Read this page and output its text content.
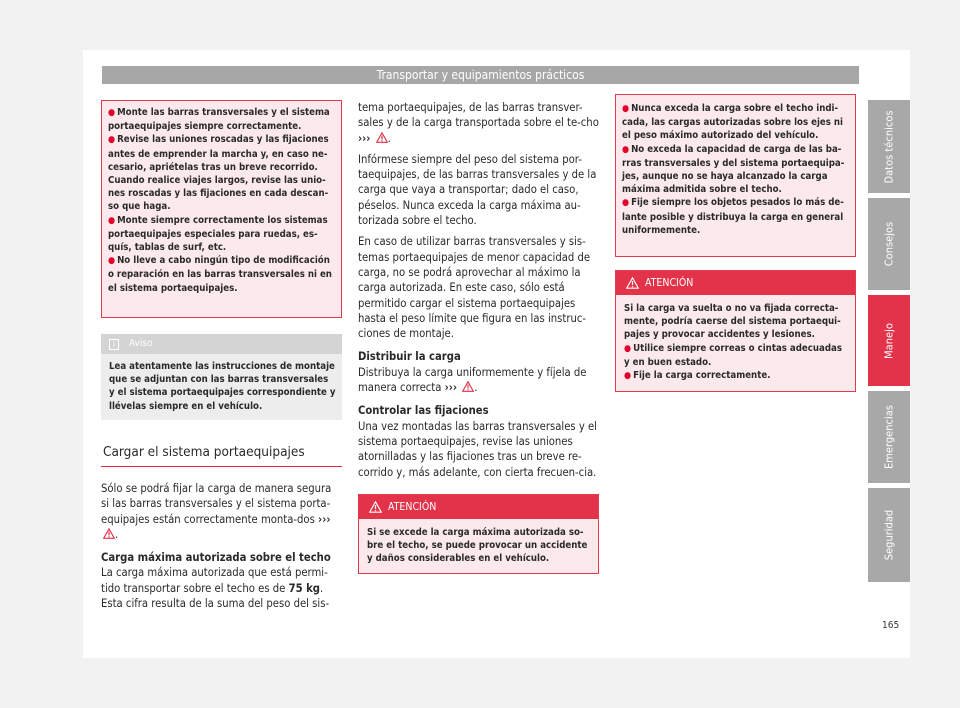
Transportar y equipamientos prácticos
● Monte las barras transversales y el sistema portaequipajes siempre correctamente.
● Revise las uniones roscadas y las fijaciones antes de emprender la marcha y, en caso ne-cesario, apriételas tras un breve recorrido. Cuando realice viajes largos, revise las unio-nes roscadas y las fijaciones en cada descan-so que haga.
● Monte siempre correctamente los sistemas portaequipajes especiales para ruedas, es-quís, tablas de surf, etc.
● No lleve a cabo ningún tipo de modificación o reparación en las barras transversales ni en el sistema portaequipajes.
i Aviso
Lea atentamente las instrucciones de montaje que se adjuntan con las barras transversales y el sistema portaequipajes correspondiente y llévelas siempre en el vehículo.
Cargar el sistema portaequipajes
Sólo se podrá fijar la carga de manera segura si las barras transversales y el sistema porta-equipajes están correctamente monta-dos ››› .
Carga máxima autorizada sobre el techo
La carga máxima autorizada que está permi-tido transportar sobre el techo es de 75 kg. Esta cifra resulta de la suma del peso del sis-
tema portaequipajes, de las barras transver-sales y de la carga transportada sobre el te-cho ››› .
Infórmese siempre del peso del sistema por-taequipajes, de las barras transversales y de la carga que vaya a transportar; dado el caso, péselos. Nunca exceda la carga máxima au-torizada sobre el techo.
En caso de utilizar barras transversales y sis-temas portaequipajes de menor capacidad de carga, no se podrá aprovechar al máximo la carga autorizada. En este caso, sólo está permitido cargar el sistema portaequipajes hasta el peso límite que figura en las instruc-ciones de montaje.
Distribuir la carga
Distribuya la carga uniformemente y fíjela de manera correcta ››› .
Controlar las fijaciones
Una vez montadas las barras transversales y el sistema portaequipajes, revise las uniones atornilladas y las fijaciones tras un breve re-corrido y, más adelante, con cierta frecuen-cia.
ATENCIÓN
Si se excede la carga máxima autorizada so-bre el techo, se puede provocar un accidente y daños considerables en el vehículo.
● Nunca exceda la carga sobre el techo indi-cada, las cargas autorizadas sobre los ejes ni el peso máximo autorizado del vehículo.
● No exceda la capacidad de carga de las ba-rras transversales y del sistema portaequipa-jes, aunque no se haya alcanzado la carga máxima admitida sobre el techo.
● Fije siempre los objetos pesados lo más de-lante posible y distribuya la carga en general uniformemente.
ATENCIÓN
Si la carga va suelta o no va fijada correcta-mente, podría caerse del sistema portaequi-pajes y provocar accidentes y lesiones.
● Utilice siempre correas o cintas adecuadas y en buen estado.
● Fije la carga correctamente.
Datos técnicos
Consejos
Manejo
Emergencias
Seguridad
165
